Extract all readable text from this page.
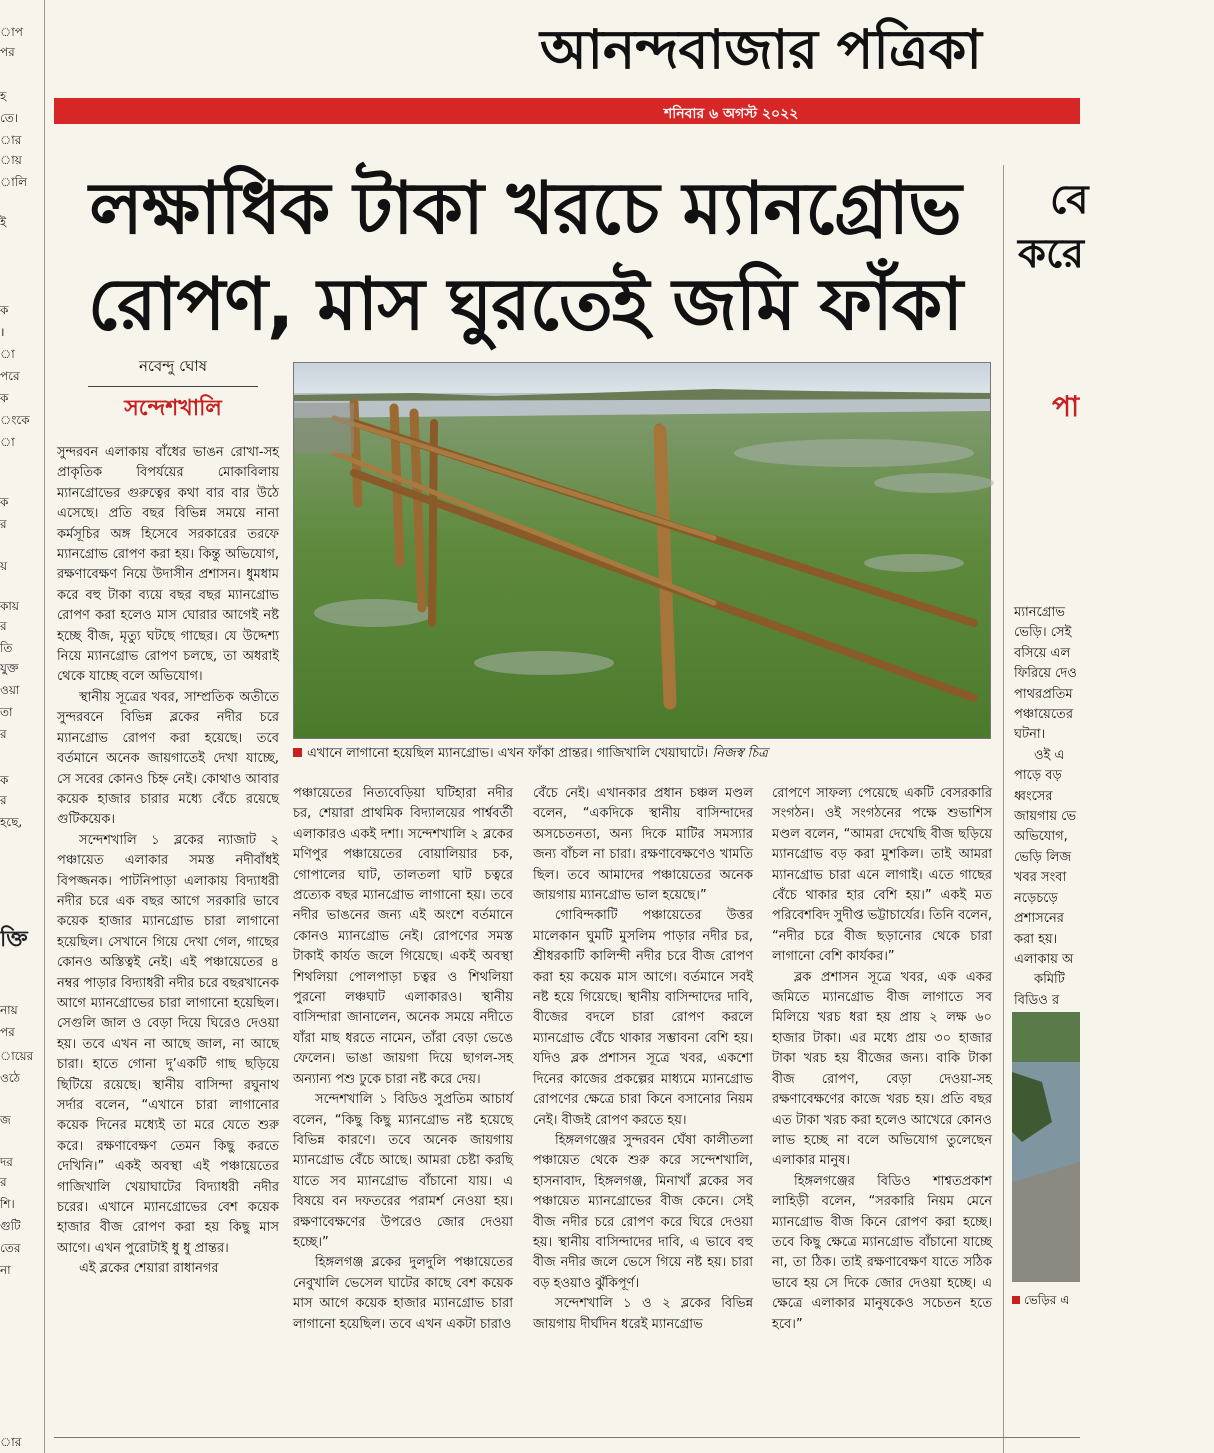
াপ
পর
হ
তে।
ার
ায়
ালি
ই
ক
।
া
পরে
ক
ংকে
া
ক
র
য়
কায়
র
তি
যুক্ত
ওয়া
তা
র
ক
র
হছে,
ক্তি
নায়
পর
ায়ের
ওঠে
জ
দর
র
শি।
গুটি
তের
না
ার
আনন্দবাজার পত্রিকা
শনিবার ৬ অগস্ট ২০২২
লক্ষাধিক টাকা খরচে ম্যানগ্রোভ
রোপণ, মাস ঘুরতেই জমি ফাঁকা
নবেন্দু ঘোষ
সন্দেশখালি
এখানে লাগানো হয়েছিল ম্যানগ্রোভ। এখন ফাঁকা প্রান্তর। গাজিখালি খেয়াঘাটে। নিজস্ব চিত্র

সুন্দরবন এলাকায় বাঁধের ভাঙন রোখা-সহ প্রাকৃতিক বিপর্যয়ের মোকাবিলায় ম্যানগ্রোভের গুরুত্বের কথা বার বার উঠে এসেছে। প্রতি বছর বিভিন্ন সময়ে নানা কর্মসূচির অঙ্গ হিসেবে সরকারের তরফে ম্যানগ্রোভ রোপণ করা হয়। কিন্তু অভিযোগ, রক্ষণাবেক্ষণ নিয়ে উদাসীন প্রশাসন। ধুমধাম করে বহু টাকা ব্যয়ে বছর বছর ম্যানগ্রোভ রোপণ করা হলেও মাস ঘোরার আগেই নষ্ট হচ্ছে বীজ, মৃত্যু ঘটছে গাছের। যে উদ্দেশ্য নিয়ে ম্যানগ্রোভ রোপণ চলছে, তা অধরাই থেকে যাচ্ছে বলে অভিযোগ।

স্থানীয় সূত্রের খবর, সাম্প্রতিক অতীতে সুন্দরবনে বিভিন্ন ব্লকের নদীর চরে ম্যানগ্রোভ রোপণ করা হয়েছে। তবে বর্তমানে অনেক জায়গাতেই দেখা যাচ্ছে, সে সবের কোনও চিহ্ন নেই। কোথাও আবার কয়েক হাজার চারার মধ্যে বেঁচে রয়েছে গুটিকয়েক।

সন্দেশখালি ১ ব্লকের ন্যাজাট ২ পঞ্চায়েত এলাকার সমস্ত নদীবাঁধই বিপজ্জনক। পাটনিপাড়া এলাকায় বিদ্যাধরী নদীর চরে এক বছর আগে সরকারি ভাবে কয়েক হাজার ম্যানগ্রোভ চারা লাগানো হয়েছিল। সেখানে গিয়ে দেখা গেল, গাছের কোনও অস্তিত্বই নেই। এই পঞ্চায়েতের ৪ নম্বর পাড়ার বিদ্যাধরী নদীর চরে বছরখানেক আগে ম্যানগ্রোভের চারা লাগানো হয়েছিল। সেগুলি জাল ও বেড়া দিয়ে ঘিরেও দেওয়া হয়। তবে এখন না আছে জাল, না আছে চারা। হাতে গোনা দু’একটি গাছ ছড়িয়ে ছিটিয়ে রয়েছে। স্থানীয় বাসিন্দা রঘুনাথ সর্দার বলেন, “এখানে চারা লাগানোর কয়েক দিনের মধ্যেই তা মরে যেতে শুরু করে। রক্ষণাবেক্ষণ তেমন কিছু করতে দেখিনি।” একই অবস্থা এই পঞ্চায়েতের গাজিখালি খেয়াঘাটের বিদ্যাধরী নদীর চরের। এখানে ম্যানগ্রোভের বেশ কয়েক হাজার বীজ রোপণ করা হয় কিছু মাস আগে। এখন পুরোটাই ধু ধু প্রান্তর।

এই ব্লকের শেয়ারা রাধানগর

পঞ্চায়েতের নিত্যবেড়িয়া ঘটিহারা নদীর চর, শেয়ারা প্রাথমিক বিদ্যালয়ের পার্শ্ববর্তী এলাকারও একই দশা। সন্দেশখালি ২ ব্লকের মণিপুর পঞ্চায়েতের বোয়ালিয়ার চক, গোপালের ঘাট, তালতলা ঘাট চত্বরে প্রত্যেক বছর ম্যানগ্রোভ লাগানো হয়। তবে নদীর ভাঙনের জন্য এই অংশে বর্তমানে কোনও ম্যানগ্রোভ নেই। রোপণের সমস্ত টাকাই কার্যত জলে গিয়েছে। একই অবস্থা শিথলিয়া পোলপাড়া চত্বর ও শিথলিয়া পুরনো লঞ্চঘাট এলাকারও। স্থানীয় বাসিন্দারা জানালেন, অনেক সময়ে নদীতে যাঁরা মাছ ধরতে নামেন, তাঁরা বেড়া ভেঙে ফেলেন। ভাঙা জায়গা দিয়ে ছাগল-সহ অন্যান্য পশু ঢুকে চারা নষ্ট করে দেয়।

সন্দেশখালি ১ বিডিও সুপ্রতিম আচার্য বলেন, “কিছু কিছু ম্যানগ্রোভ নষ্ট হয়েছে বিভিন্ন কারণে। তবে অনেক জায়গায় ম্যানগ্রোভ বেঁচে আছে। আমরা চেষ্টা করছি যাতে সব ম্যানগ্রোভ বাঁচানো যায়। এ বিষয়ে বন দফতরের পরামর্শ নেওয়া হয়। রক্ষণাবেক্ষণের উপরেও জোর দেওয়া হচ্ছে।”

হিঙ্গলগঞ্জ ব্লকের দুলদুলি পঞ্চায়েতের নেবুখালি ভেসেল ঘাটের কাছে বেশ কয়েক মাস আগে কয়েক হাজার ম্যানগ্রোভ চারা লাগানো হয়েছিল। তবে এখন একটা চারাও

বেঁচে নেই। এখানকার প্রধান চঞ্চল মণ্ডল বলেন, “একদিকে স্থানীয় বাসিন্দাদের অসচেতনতা, অন্য দিকে মাটির সমস্যার জন্য বাঁচল না চারা। রক্ষণাবেক্ষণেও খামতি ছিল। তবে আমাদের পঞ্চায়েতের অনেক জায়গায় ম্যানগ্রোভ ভাল হয়েছে।”

গোবিন্দকাটি পঞ্চায়েতের উত্তর মালেকান ঘুমটি মুসলিম পাড়ার নদীর চর, শ্রীধরকাটি কালিন্দী নদীর চরে বীজ রোপণ করা হয় কয়েক মাস আগে। বর্তমানে সবই নষ্ট হয়ে গিয়েছে। স্থানীয় বাসিন্দাদের দাবি, বীজের বদলে চারা রোপণ করলে ম্যানগ্রোভ বেঁচে থাকার সম্ভাবনা বেশি হয়। যদিও ব্লক প্রশাসন সূত্রে খবর, একশো দিনের কাজের প্রকল্পের মাধ্যমে ম্যানগ্রোভ রোপণের ক্ষেত্রে চারা কিনে বসানোর নিয়ম নেই। বীজই রোপণ করতে হয়।

হিঙ্গলগঞ্জের সুন্দরবন ঘেঁষা কালীতলা পঞ্চায়েত থেকে শুরু করে সন্দেশখালি, হাসনাবাদ, হিঙ্গলগঞ্জ, মিনাখাঁ ব্লকের সব পঞ্চায়েত ম্যানগ্রোভের বীজ কেনে। সেই বীজ নদীর চরে রোপণ করে ঘিরে দেওয়া হয়। স্থানীয় বাসিন্দাদের দাবি, এ ভাবে বহু বীজ নদীর জলে ভেসে গিয়ে নষ্ট হয়। চারা বড় হওয়াও ঝুঁকিপূর্ণ।

সন্দেশখালি ১ ও ২ ব্লকের বিভিন্ন জায়গায় দীর্ঘদিন ধরেই ম্যানগ্রোভ

রোপণে সাফল্য পেয়েছে একটি বেসরকারি সংগঠন। ওই সংগঠনের পক্ষে শুভাশিস মণ্ডল বলেন, “আমরা দেখেছি বীজ ছড়িয়ে ম্যানগ্রোভ বড় করা মুশকিল। তাই আমরা ম্যানগ্রোভ চারা এনে লাগাই। এতে গাছের বেঁচে থাকার হার বেশি হয়।” একই মত পরিবেশবিদ সুদীপ্ত ভট্টাচার্যের। তিনি বলেন, “নদীর চরে বীজ ছড়ানোর থেকে চারা লাগানো বেশি কার্যকর।”

ব্লক প্রশাসন সূত্রে খবর, এক একর জমিতে ম্যানগ্রোভ বীজ লাগাতে সব মিলিয়ে খরচ ধরা হয় প্রায় ২ লক্ষ ৬০ হাজার টাকা। এর মধ্যে প্রায় ৩০ হাজার টাকা খরচ হয় বীজের জন্য। বাকি টাকা বীজ রোপণ, বেড়া দেওয়া-সহ রক্ষণাবেক্ষণের কাজে খরচ হয়। প্রতি বছর এত টাকা খরচ করা হলেও আখেরে কোনও লাভ হচ্ছে না বলে অভিযোগ তুলেছেন এলাকার মানুষ।

হিঙ্গলগঞ্জের বিডিও শাশ্বতপ্রকাশ লাহিড়ী বলেন, “সরকারি নিয়ম মেনে ম্যানগ্রোভ বীজ কিনে রোপণ করা হচ্ছে। তবে কিছু ক্ষেত্রে ম্যানগ্রোভ বাঁচানো যাচ্ছে না, তা ঠিক। তাই রক্ষণাবেক্ষণ যাতে সঠিক ভাবে হয় সে দিকে জোর দেওয়া হচ্ছে। এ ক্ষেত্রে এলাকার মানুষকেও সচেতন হতে হবে।”

বে
করে
পা
ম্যানগ্রোভ
ভেড়ি। সেই
বসিয়ে এল
ফিরিয়ে দেও
পাথরপ্রতিম
পঞ্চায়েতের
ঘটনা।
ওই এ
পাড়ে বড়
ধ্বংসের
জায়গায় ভে
অভিযোগ,
ভেড়ি লিজ
খবর সংবা
নড়েচড়ে
প্রশাসনের
করা হয়।
এলাকায় অ
কমিটি
বিডিও র
ভেড়ির এ
